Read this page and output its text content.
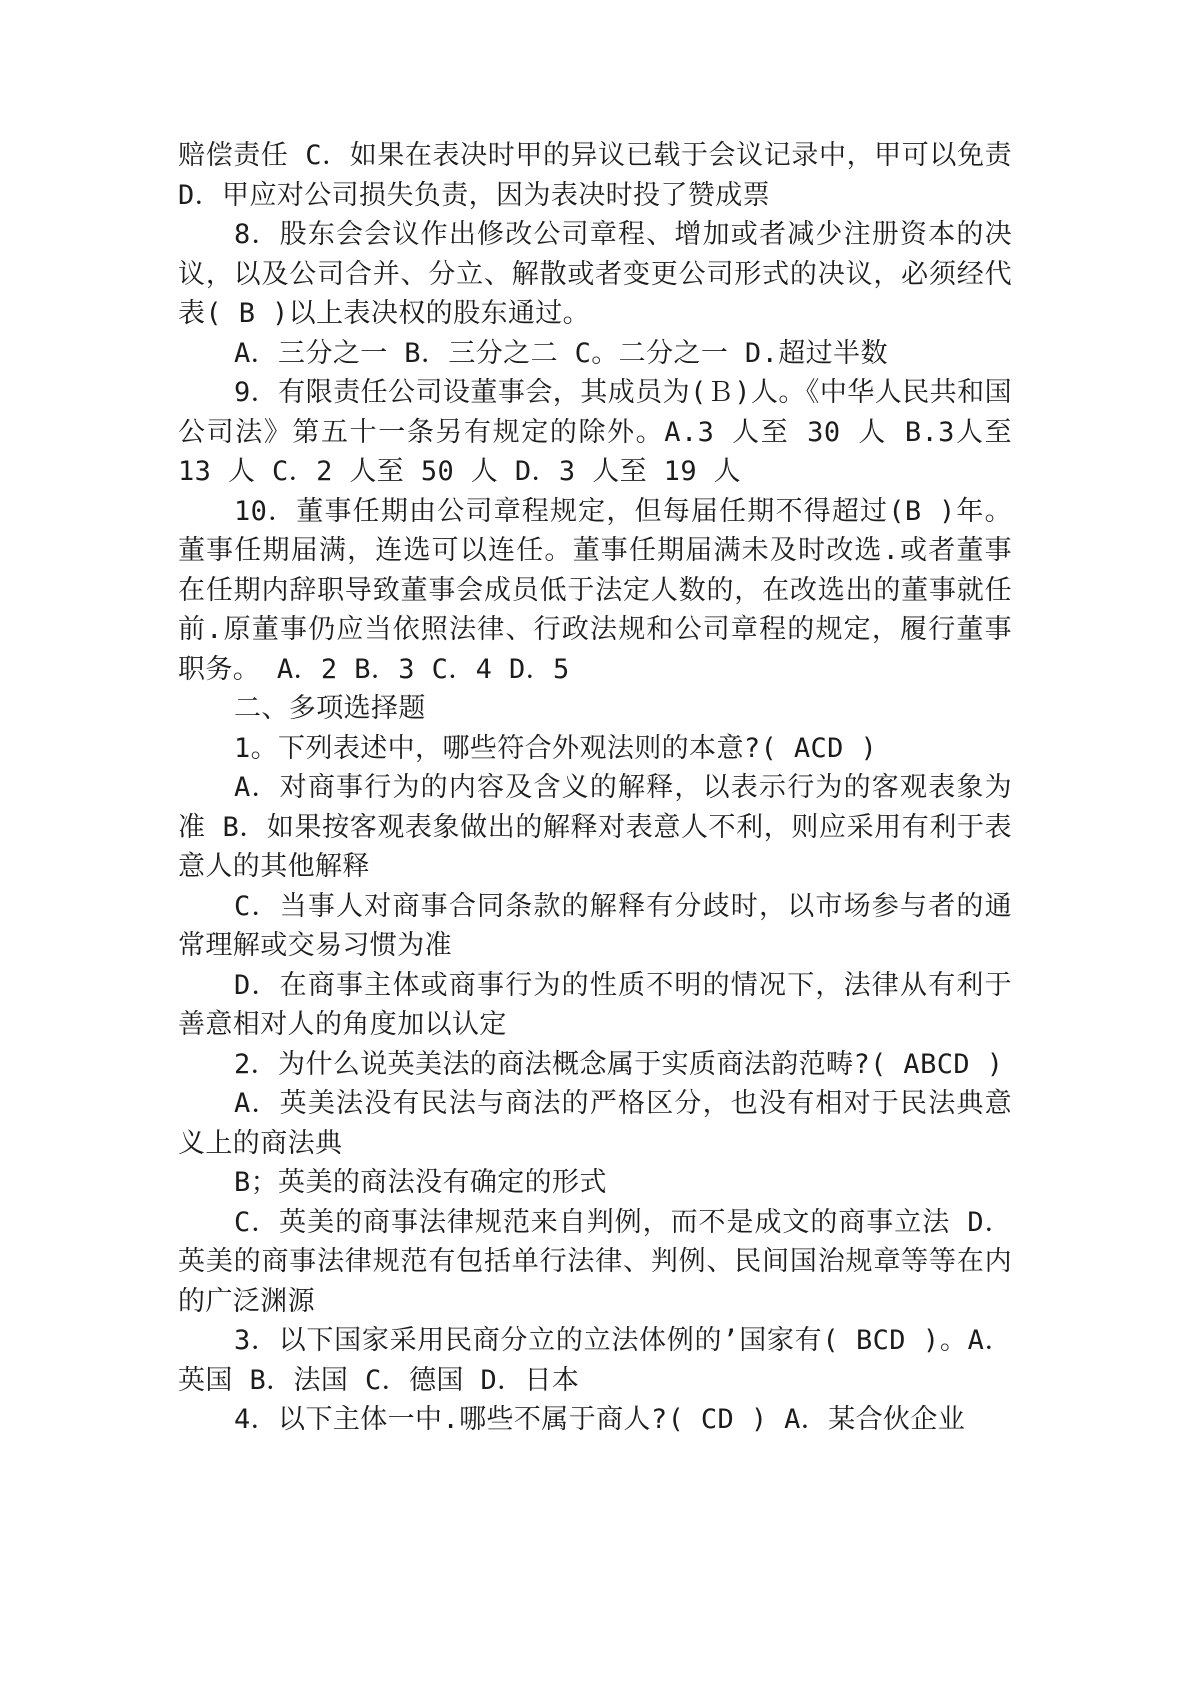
赔偿责任 C．如果在表决时甲的异议已载于会议记录中，甲可以免责 D．甲应对公司损失负责，因为表决时投了赞成票

8．股东会会议作出修改公司章程、增加或者减少注册资本的决议，以及公司合并、分立、解散或者变更公司形式的决议，必须经代表( B )以上表决权的股东通过。

A．三分之一 B．三分之二 C。二分之一 D.超过半数

9．有限责任公司设董事会，其成员为(Ｂ)人。《中华人民共和国公司法》第五十一条另有规定的除外。A.3 人至 30 人 B.3人至 13 人 C．2 人至 50 人 D．3 人至 19 人

10．董事任期由公司章程规定，但每届任期不得超过(B )年。董事任期届满，连选可以连任。董事任期届满未及时改选.或者董事在任期内辞职导致董事会成员低于法定人数的，在改选出的董事就任前.原董事仍应当依照法律、行政法规和公司章程的规定，履行董事职务。 A．2 B．3 C．4 D．5

二、多项选择题

1。下列表述中，哪些符合外观法则的本意?( ACD )

A．对商事行为的内容及含义的解释，以表示行为的客观表象为准 B．如果按客观表象做出的解释对表意人不利，则应采用有利于表意人的其他解释

C．当事人对商事合同条款的解释有分歧时，以市场参与者的通常理解或交易习惯为准

D．在商事主体或商事行为的性质不明的情况下，法律从有利于善意相对人的角度加以认定

2．为什么说英美法的商法概念属于实质商法韵范畴?( ABCD )

A．英美法没有民法与商法的严格区分，也没有相对于民法典意义上的商法典

B；英美的商法没有确定的形式

C．英美的商事法律规范来自判例，而不是成文的商事立法 D．英美的商事法律规范有包括单行法律、判例、民间国治规章等等在内的广泛渊源

3．以下国家采用民商分立的立法体例的’国家有( BCD )。A．英国 B．法国 C．德国 D．日本

4．以下主体一中.哪些不属于商人?( CD ) A．某合伙企业
